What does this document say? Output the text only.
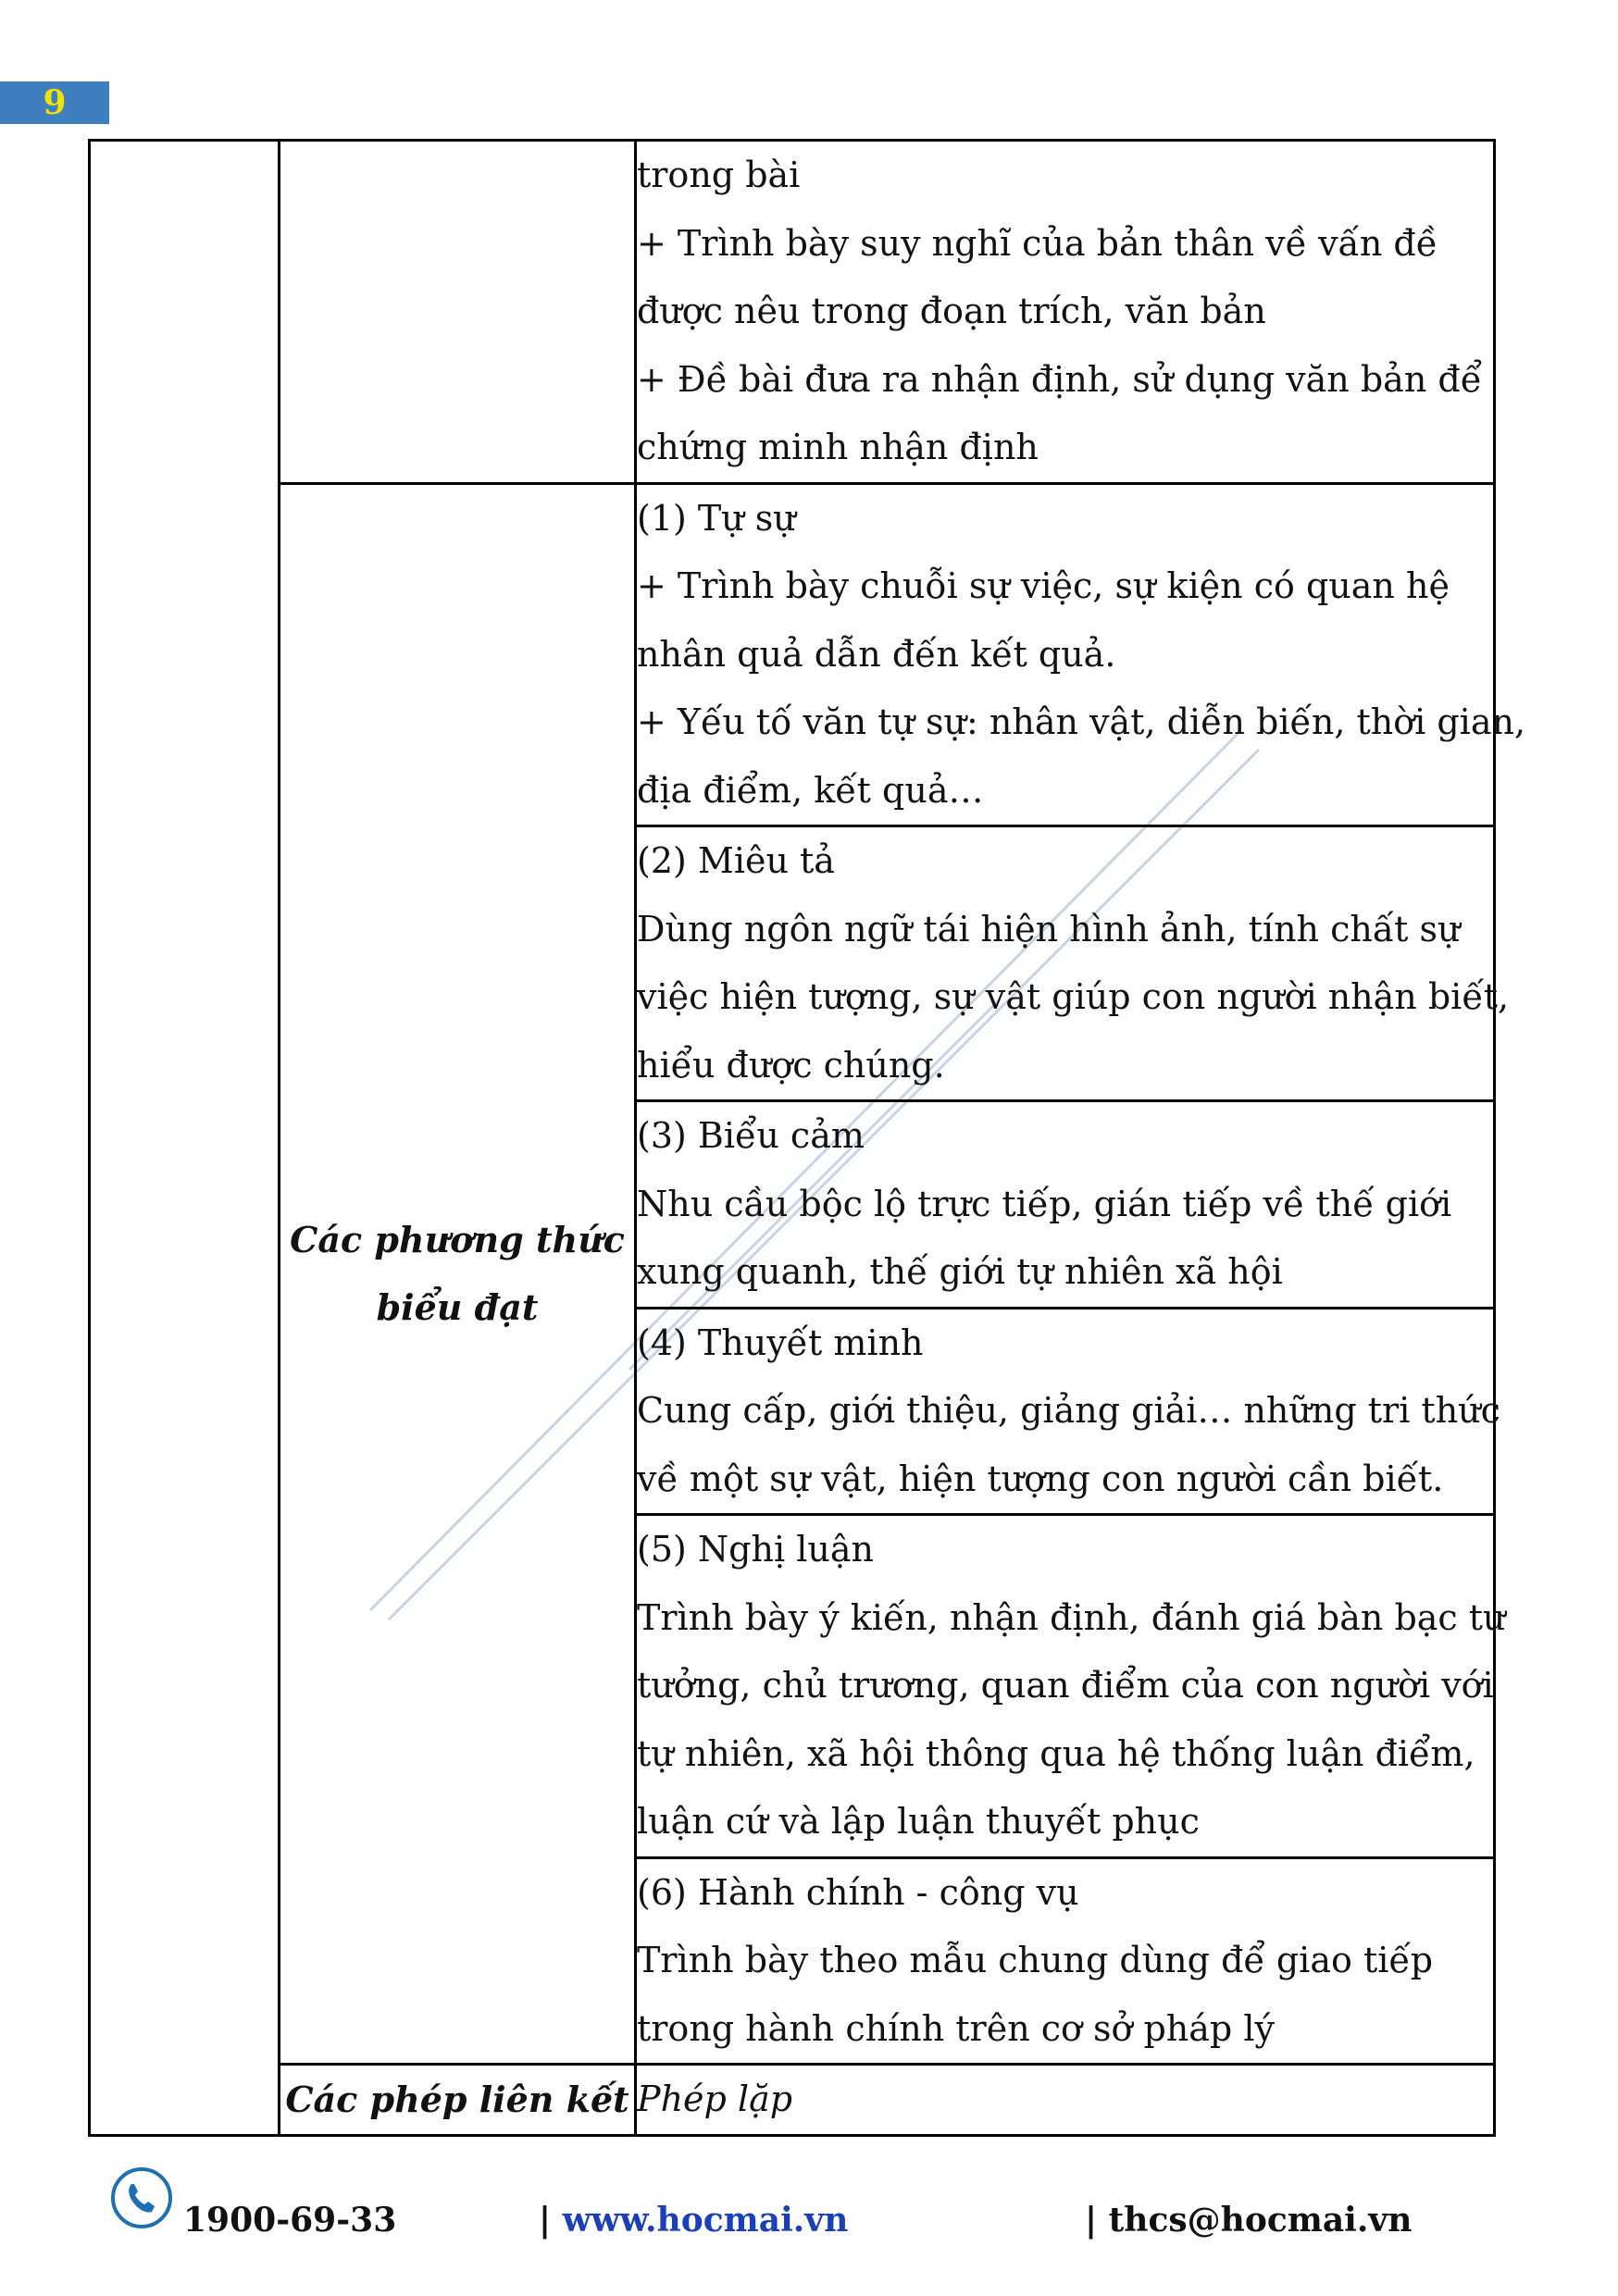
9

		trong bài
+ Trình bày suy nghĩ của bản thân về vấn đề
được nêu trong đoạn trích, văn bản
+ Đề bài đưa ra nhận định, sử dụng văn bản để
chứng minh nhận định

	Các phương thức
biểu đạt	(1) Tự sự
+ Trình bày chuỗi sự việc, sự kiện có quan hệ
nhân quả dẫn đến kết quả.
+ Yếu tố văn tự sự: nhân vật, diễn biến, thời gian,
địa điểm, kết quả…

		(2) Miêu tả
Dùng ngôn ngữ tái hiện hình ảnh, tính chất sự
việc hiện tượng, sự vật giúp con người nhận biết,
hiểu được chúng.

		(3) Biểu cảm
Nhu cầu bộc lộ trực tiếp, gián tiếp về thế giới
xung quanh, thế giới tự nhiên xã hội

		(4) Thuyết minh
Cung cấp, giới thiệu, giảng giải… những tri thức
về một sự vật, hiện tượng con người cần biết.

		(5) Nghị luận
Trình bày ý kiến, nhận định, đánh giá bàn bạc tư
tưởng, chủ trương, quan điểm của con người với
tự nhiên, xã hội thông qua hệ thống luận điểm,
luận cứ và lập luận thuyết phục

		(6) Hành chính - công vụ
Trình bày theo mẫu chung dùng để giao tiếp
trong hành chính trên cơ sở pháp lý

	Các phép liên kết	Phép lặp
1900-69-33	| www.hocmai.vn	| thcs@hocmai.vn
